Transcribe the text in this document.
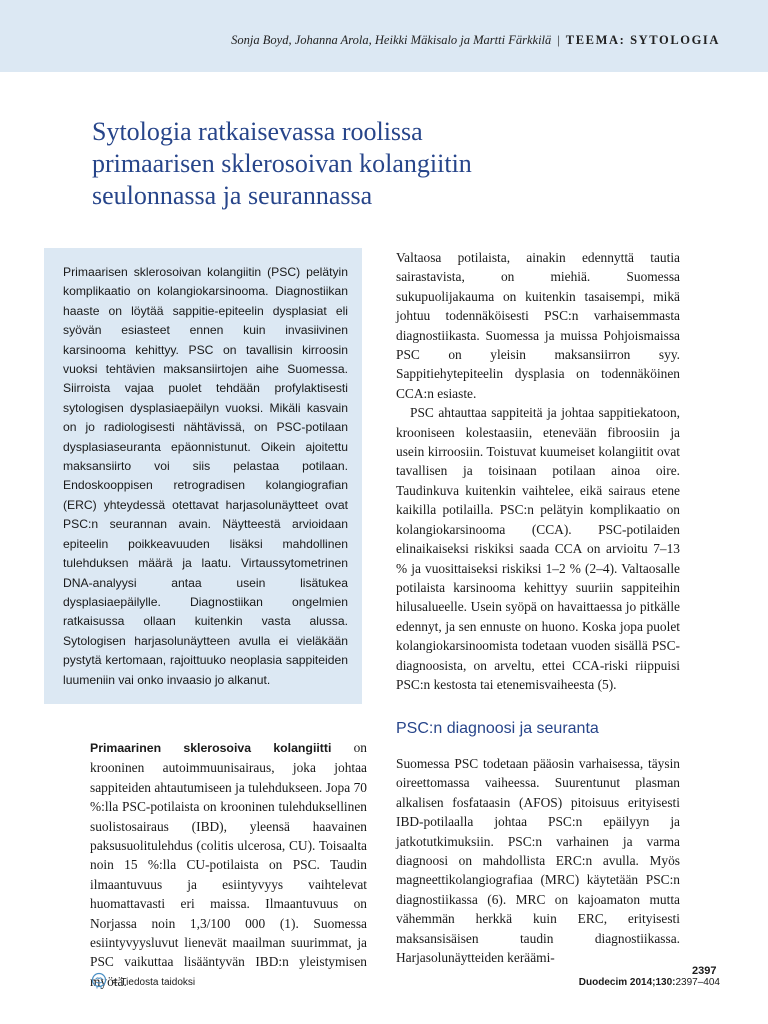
Sonja Boyd, Johanna Arola, Heikki Mäkisalo ja Martti Färkkilä | TEEMA: SYTOLOGIA
Sytologia ratkaisevassa roolissa
primaarisen sklerosoivan kolangiitin
seulonnassa ja seurannassa

Primaarisen sklerosoivan kolangiitin (PSC) pelätyin komplikaatio on kolangiokarsinooma. Diagnostiikan haaste on löytää sappitie-epiteelin dysplasiat eli syövän esiasteet ennen kuin invasiivinen karsinooma kehittyy. PSC on tavallisin kirroosin vuoksi tehtävien maksansiirtojen aihe Suomessa. Siirroista vajaa puolet tehdään profylaktisesti sytologisen dysplasiaepäilyn vuoksi. Mikäli kasvain on jo radiologisesti nähtävissä, on PSC-potilaan dysplasiaseuranta epäonnistunut. Oikein ajoitettu maksansiirto voi siis pelastaa potilaan. Endoskooppisen retrogradisen kolangiografian (ERC) yhteydessä otettavat harjasolunäytteet ovat PSC:n seurannan avain. Näytteestä arvioidaan epiteelin poikkeavuuden lisäksi mahdollinen tulehduksen määrä ja laatu. Virtaussytometrinen DNA-analyysi antaa usein lisätukea dysplasiaepäilylle. Diagnostiikan ongelmien ratkaisussa ollaan kuitenkin vasta alussa. Sytologisen harjasolunäytteen avulla ei vieläkään pystytä kertomaan, rajoittuuko neoplasia sappiteiden luumeniin vai onko invaasio jo alkanut.

Primaarinen sklerosoiva kolangiitti on krooninen autoimmuunisairaus, joka johtaa sappiteiden ahtautumiseen ja tulehdukseen. Jopa 70 %:lla PSC-potilaista on krooninen tulehduksellinen suolistosairaus (IBD), yleensä haavainen paksusuolitulehdus (colitis ulcerosa, CU). Toisaalta noin 15 %:lla CU-potilaista on PSC. Taudin ilmaantuvuus ja esiintyvyys vaihtelevat huomattavasti eri maissa. Ilmaantuvuus on Norjassa noin 1,3/100 000 (1). Suomessa esiintyvyysluvut lienevät maailman suurimmat, ja PSC vaikuttaa lisääntyvän IBD:n yleistymisen myötä.

Valtaosa potilaista, ainakin edennyttä tautia sairastavista, on miehiä. Suomessa sukupuolijakauma on kuitenkin tasaisempi, mikä johtuu todennäköisesti PSC:n varhaisemmasta diagnostiikasta. Suomessa ja muissa Pohjoismaissa PSC on yleisin maksansiirron syy. Sappitiehytepiteelin dysplasia on todennäköinen CCA:n esiaste.

PSC ahtauttaa sappiteitä ja johtaa sappitiekatoon, krooniseen kolestaasiin, etenevään fibroosiin ja usein kirroosiin. Toistuvat kuumeiset kolangiitit ovat tavallisen ja toisinaan potilaan ainoa oire. Taudinkuva kuitenkin vaihtelee, eikä sairaus etene kaikilla potilailla. PSC:n pelätyin komplikaatio on kolangiokarsinooma (CCA). PSC-potilaiden elinaikaiseksi riskiksi saada CCA on arvioitu 7–13 % ja vuosittaiseksi riskiksi 1–2 % (2–4). Valtaosalle potilaista karsinooma kehittyy suuriin sappiteihin hilusalueelle. Usein syöpä on havaittaessa jo pitkälle edennyt, ja sen ennuste on huono. Koska jopa puolet kolangiokarsinoomista todetaan vuoden sisällä PSC-diagnoosista, on arveltu, ettei CCA-riski riippuisi PSC:n kestosta tai etenemisvaiheesta (5).

PSC:n diagnoosi ja seuranta

Suomessa PSC todetaan pääosin varhaisessa, täysin oireettomassa vaiheessa. Suurentunut plasman alkalisen fosfataasin (AFOS) pitoisuus erityisesti IBD-potilaalla johtaa PSC:n epäilyyn ja jatkotutkimuksiin. PSC:n varhainen ja varma diagnoosi on mahdollista ERC:n avulla. Myös magneettikolangiografiaa (MRC) käytetään PSC:n diagnostiikassa (6). MRC on kajoamaton mutta vähemmän herkkä kuin ERC, erityisesti maksansisäisen taudin diagnostiikassa. Harjasolunäytteiden keräämi-

2397
= Tiedosta taidoksi	Duodecim 2014;130:2397–404
